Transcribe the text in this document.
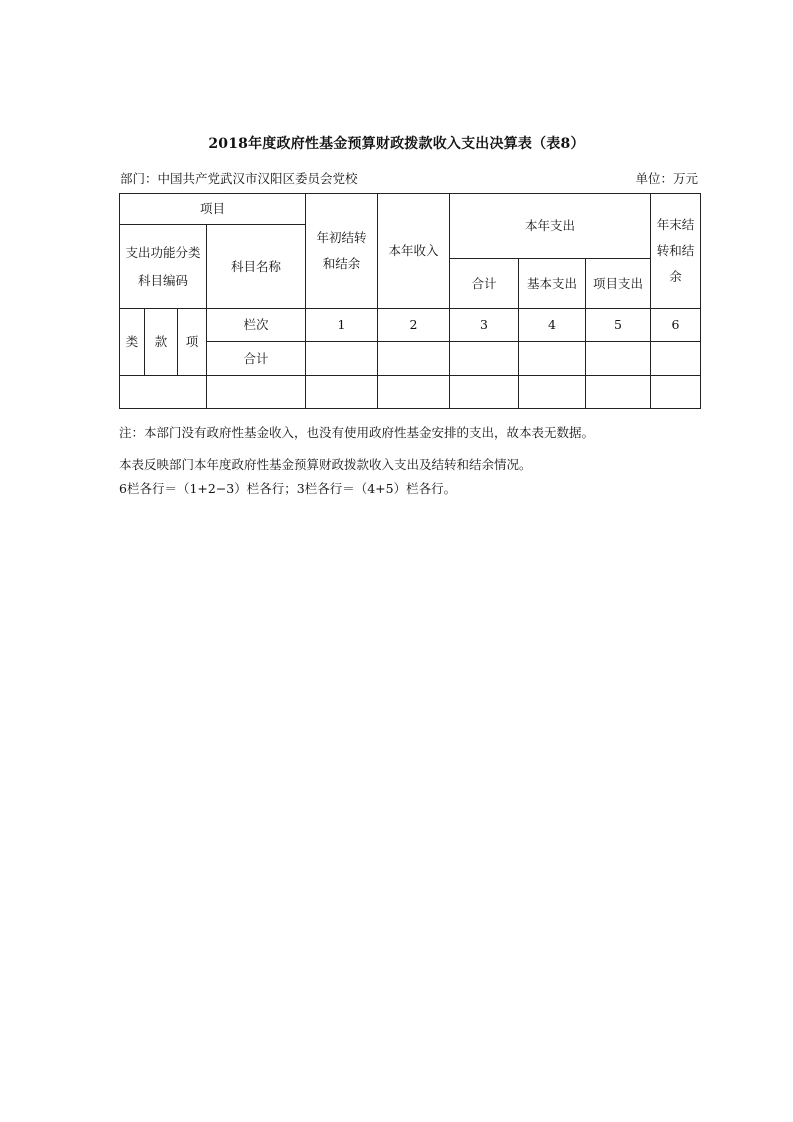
2018年度政府性基金预算财政拨款收入支出决算表（表8）
部门：中国共产党武汉市汉阳区委员会党校	单位：万元
项目				年初结转和结余	本年收入	本年支出			年末结转和结余

支出功能分类科目编码			科目名称						
						合计	基本支出	项目支出	
类	款	项	栏次	1	2	3	4	5	6
			合计						

注：本部门没有政府性基金收入，也没有使用政府性基金安排的支出，故本表无数据。
本表反映部门本年度政府性基金预算财政拨款收入支出及结转和结余情况。
6栏各行＝（1+2−3）栏各行；3栏各行＝（4+5）栏各行。
